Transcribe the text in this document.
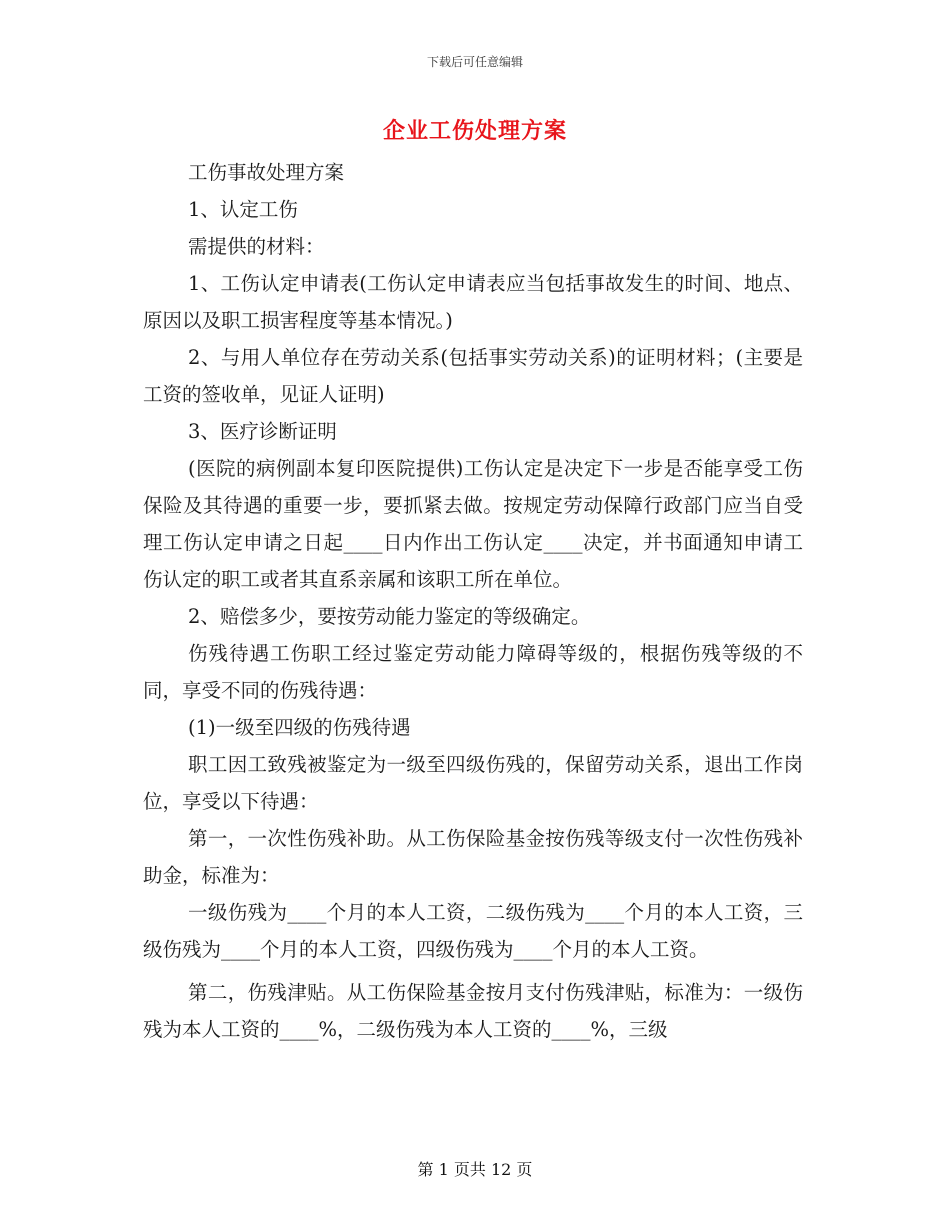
下载后可任意编辑
企业工伤处理方案

工伤事故处理方案

1、认定工伤

需提供的材料：

1、工伤认定申请表(工伤认定申请表应当包括事故发生的时间、地点、原因以及职工损害程度等基本情况。)

2、与用人单位存在劳动关系(包括事实劳动关系)的证明材料；(主要是工资的签收单，见证人证明)

3、医疗诊断证明

(医院的病例副本复印医院提供)工伤认定是决定下一步是否能享受工伤保险及其待遇的重要一步，要抓紧去做。按规定劳动保障行政部门应当自受理工伤认定申请之日起____日内作出工伤认定____决定，并书面通知申请工伤认定的职工或者其直系亲属和该职工所在单位。

2、赔偿多少，要按劳动能力鉴定的等级确定。

伤残待遇工伤职工经过鉴定劳动能力障碍等级的，根据伤残等级的不同，享受不同的伤残待遇：

(1)一级至四级的伤残待遇

职工因工致残被鉴定为一级至四级伤残的，保留劳动关系，退出工作岗位，享受以下待遇：

第一，一次性伤残补助。从工伤保险基金按伤残等级支付一次性伤残补助金，标准为：

一级伤残为____个月的本人工资，二级伤残为____个月的本人工资，三级伤残为____个月的本人工资，四级伤残为____个月的本人工资。

第二，伤残津贴。从工伤保险基金按月支付伤残津贴，标准为：一级伤残为本人工资的____%，二级伤残为本人工资的____%，三级

第 1 页共 12 页
